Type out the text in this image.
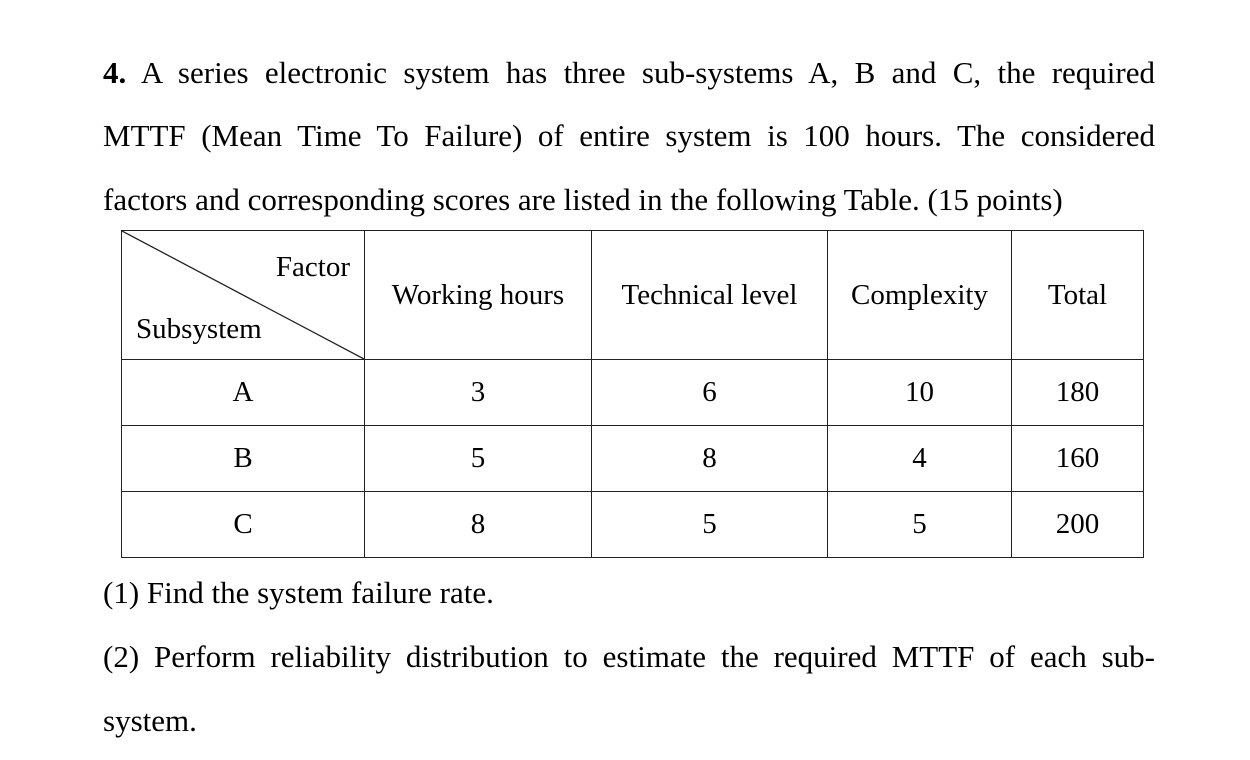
4. A series electronic system has three sub-systems A, B and C, the required
MTTF (Mean Time To Failure) of entire system is 100 hours. The considered
factors and corresponding scores are listed in the following Table. (15 points)
Factor
Subsystem	Working hours	Technical level	Complexity	Total
A	3	6	10	180
B	5	8	4	160
C	8	5	5	200
(1) Find the system failure rate.
(2) Perform reliability distribution to estimate the required MTTF of each sub-
system.
